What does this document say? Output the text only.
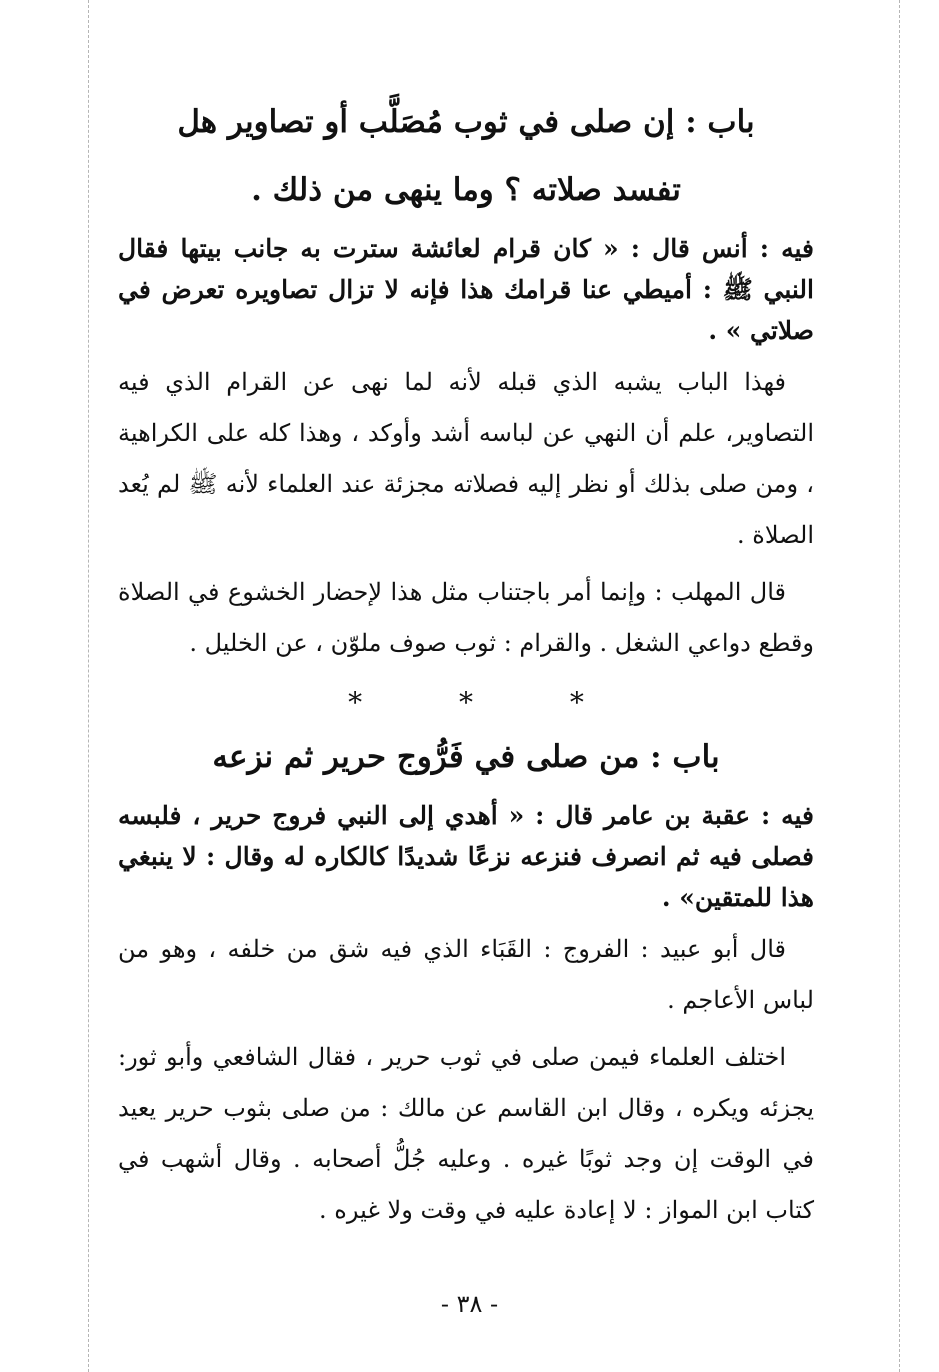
باب : إن صلى في ثوب مُصَلَّب أو تصاوير هل
تفسد صلاته ؟ وما ينهى من ذلك .

فيه : أنس قال : « كان قرام لعائشة سترت به جانب بيتها فقال النبي ﷺ : أميطي عنا قرامك هذا فإنه لا تزال تصاويره تعرض في صلاتي » .

فهذا الباب يشبه الذي قبله لأنه لما نهى عن القرام الذي فيه التصاوير، علم أن النهي عن لباسه أشد وأوكد ، وهذا كله على الكراهية ، ومن صلى بذلك أو نظر إليه فصلاته مجزئة عند العلماء لأنه ﷺ لم يُعد الصلاة .

قال المهلب : وإنما أمر باجتناب مثل هذا لإحضار الخشوع في الصلاة وقطع دواعي الشغل . والقرام : ثوب صوف ملوّن ، عن الخليل .

* * *
باب : من صلى في فَرُّوج حرير ثم نزعه

فيه : عقبة بن عامر قال : « أهدي إلى النبي فروج حرير ، فلبسه فصلى فيه ثم انصرف فنزعه نزعًا شديدًا كالكاره له وقال : لا ينبغي هذا للمتقين» .

قال أبو عبيد : الفروج : القَبَاء الذي فيه شق من خلفه ، وهو من لباس الأعاجم .

اختلف العلماء فيمن صلى في ثوب حرير ، فقال الشافعي وأبو ثور: يجزئه ويكره ، وقال ابن القاسم عن مالك : من صلى بثوب حرير يعيد في الوقت إن وجد ثوبًا غيره . وعليه جُلُّ أصحابه . وقال أشهب في كتاب ابن المواز : لا إعادة عليه في وقت ولا غيره .

- ٣٨ -
